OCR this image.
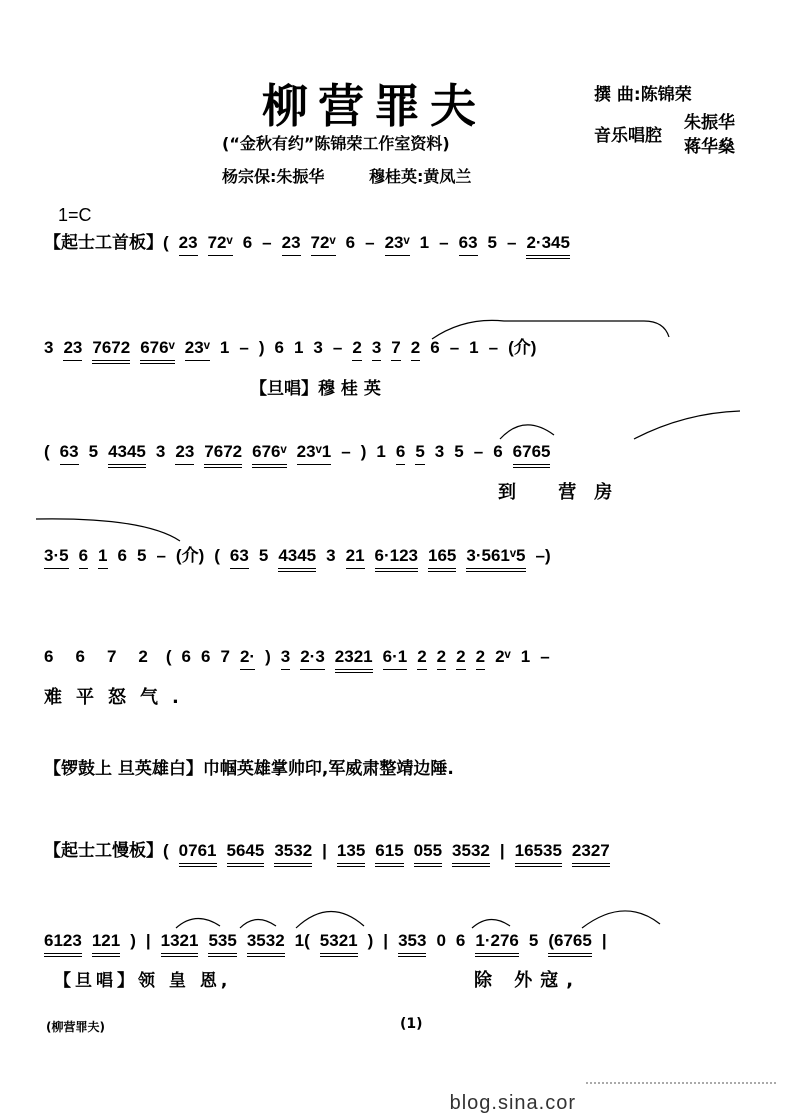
柳营罪夫	撰 曲:陈锦荣
音乐唱腔
朱振华
蒋华燊
(“金秋有约”陈锦荣工作室资料)
杨宗保:朱振华        穆桂英:黄凤兰
1=C
【起士工首板】( 23 72ᵛ 6 – 23 72ᵛ 6 – 23ᵛ 1 – 63 5 – 2·345
3 23 7672 676ᵛ 23ᵛ 1 – ) 6 1 3 – 2 3 7 2 6 – 1 – (介)
【旦唱】穆 桂 英
( 63 5 4345 3 23 7672 676ᵛ 23ᵛ1 – ) 1 6 5 3 5 – 6 6765
到 营房
3·5 6 1 6 5 – (介) ( 63 5 4345 3 21 6·123 165 3·561ᵛ5 –)
6 6 7 2 ( 6 6 7 2· ) 3 2·3 2321 6·1 2 2 2 2 2ᵛ 1 –
难平怒气.
【锣鼓上 旦英雄白】巾帼英雄掌帅印,军威肃整靖边陲.
【起士工慢板】( 0761 5645 3532 | 135 615 055 3532 | 16535 2327
6123 121 ) | 1321 535 3532 1( 5321 ) | 353 0 6 1·276 5 (6765 |
【旦唱】领 皇 恩,	除 外寇,
(柳营罪夫)	(1)
blog.sina.cor
